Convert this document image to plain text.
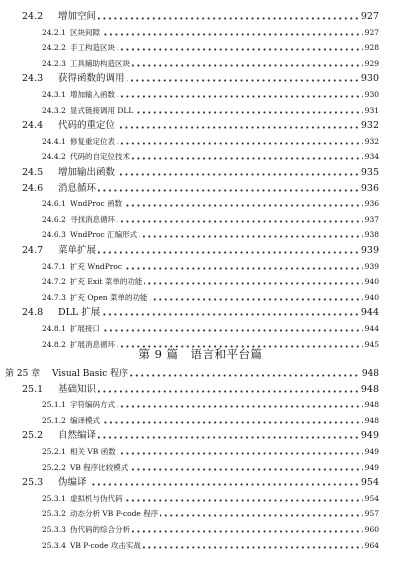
24.2 ····· 增加空间	927
24.2.1 ····· 区块间隙	927
24.2.2 ····· 手工构造区块	928
24.2.3 ····· 工具辅助构造区块	929
24.3 ····· 获得函数的调用	930
24.3.1 ····· 增加输入函数	930
24.3.2 ····· 显式链接调用 DLL	931
24.4 ····· 代码的重定位	932
24.4.1 ····· 修复重定位表	932
24.4.2 ····· 代码的自定位技术	934
24.5 ····· 增加输出函数	935
24.6 ····· 消息循环	936
24.6.1 ····· WndProc 函数	936
24.6.2 ····· 寻找消息循环	937
24.6.3 ····· WndProc 汇编形式	938
24.7 ····· 菜单扩展	939
24.7.1 ····· 扩充 WndProc	939
24.7.2 ····· 扩充 Exit 菜单的功能	940
24.7.3 ····· 扩充 Open 菜单的功能	940
24.8 ····· DLL 扩展	944
24.8.1 ····· 扩展接口	944
24.8.2 ····· 扩展消息循环	945
第 9 篇　语言和平台篇
第 25 章 ····· Visual Basic 程序	948
25.1 ····· 基础知识	948
25.1.1 ····· 字符编码方式	948
25.1.2 ····· 编译模式	948
25.2 ····· 自然编译	949
25.2.1 ····· 相关 VB 函数	949
25.2.2 ····· VB 程序比较模式	949
25.3 ····· 伪编译	954
25.3.1 ····· 虚拟机与伪代码	954
25.3.2 ····· 动态分析 VB P-code 程序	957
25.3.3 ····· 伪代码的综合分析	960
25.3.4 ····· VB P-code 攻击实战	964
